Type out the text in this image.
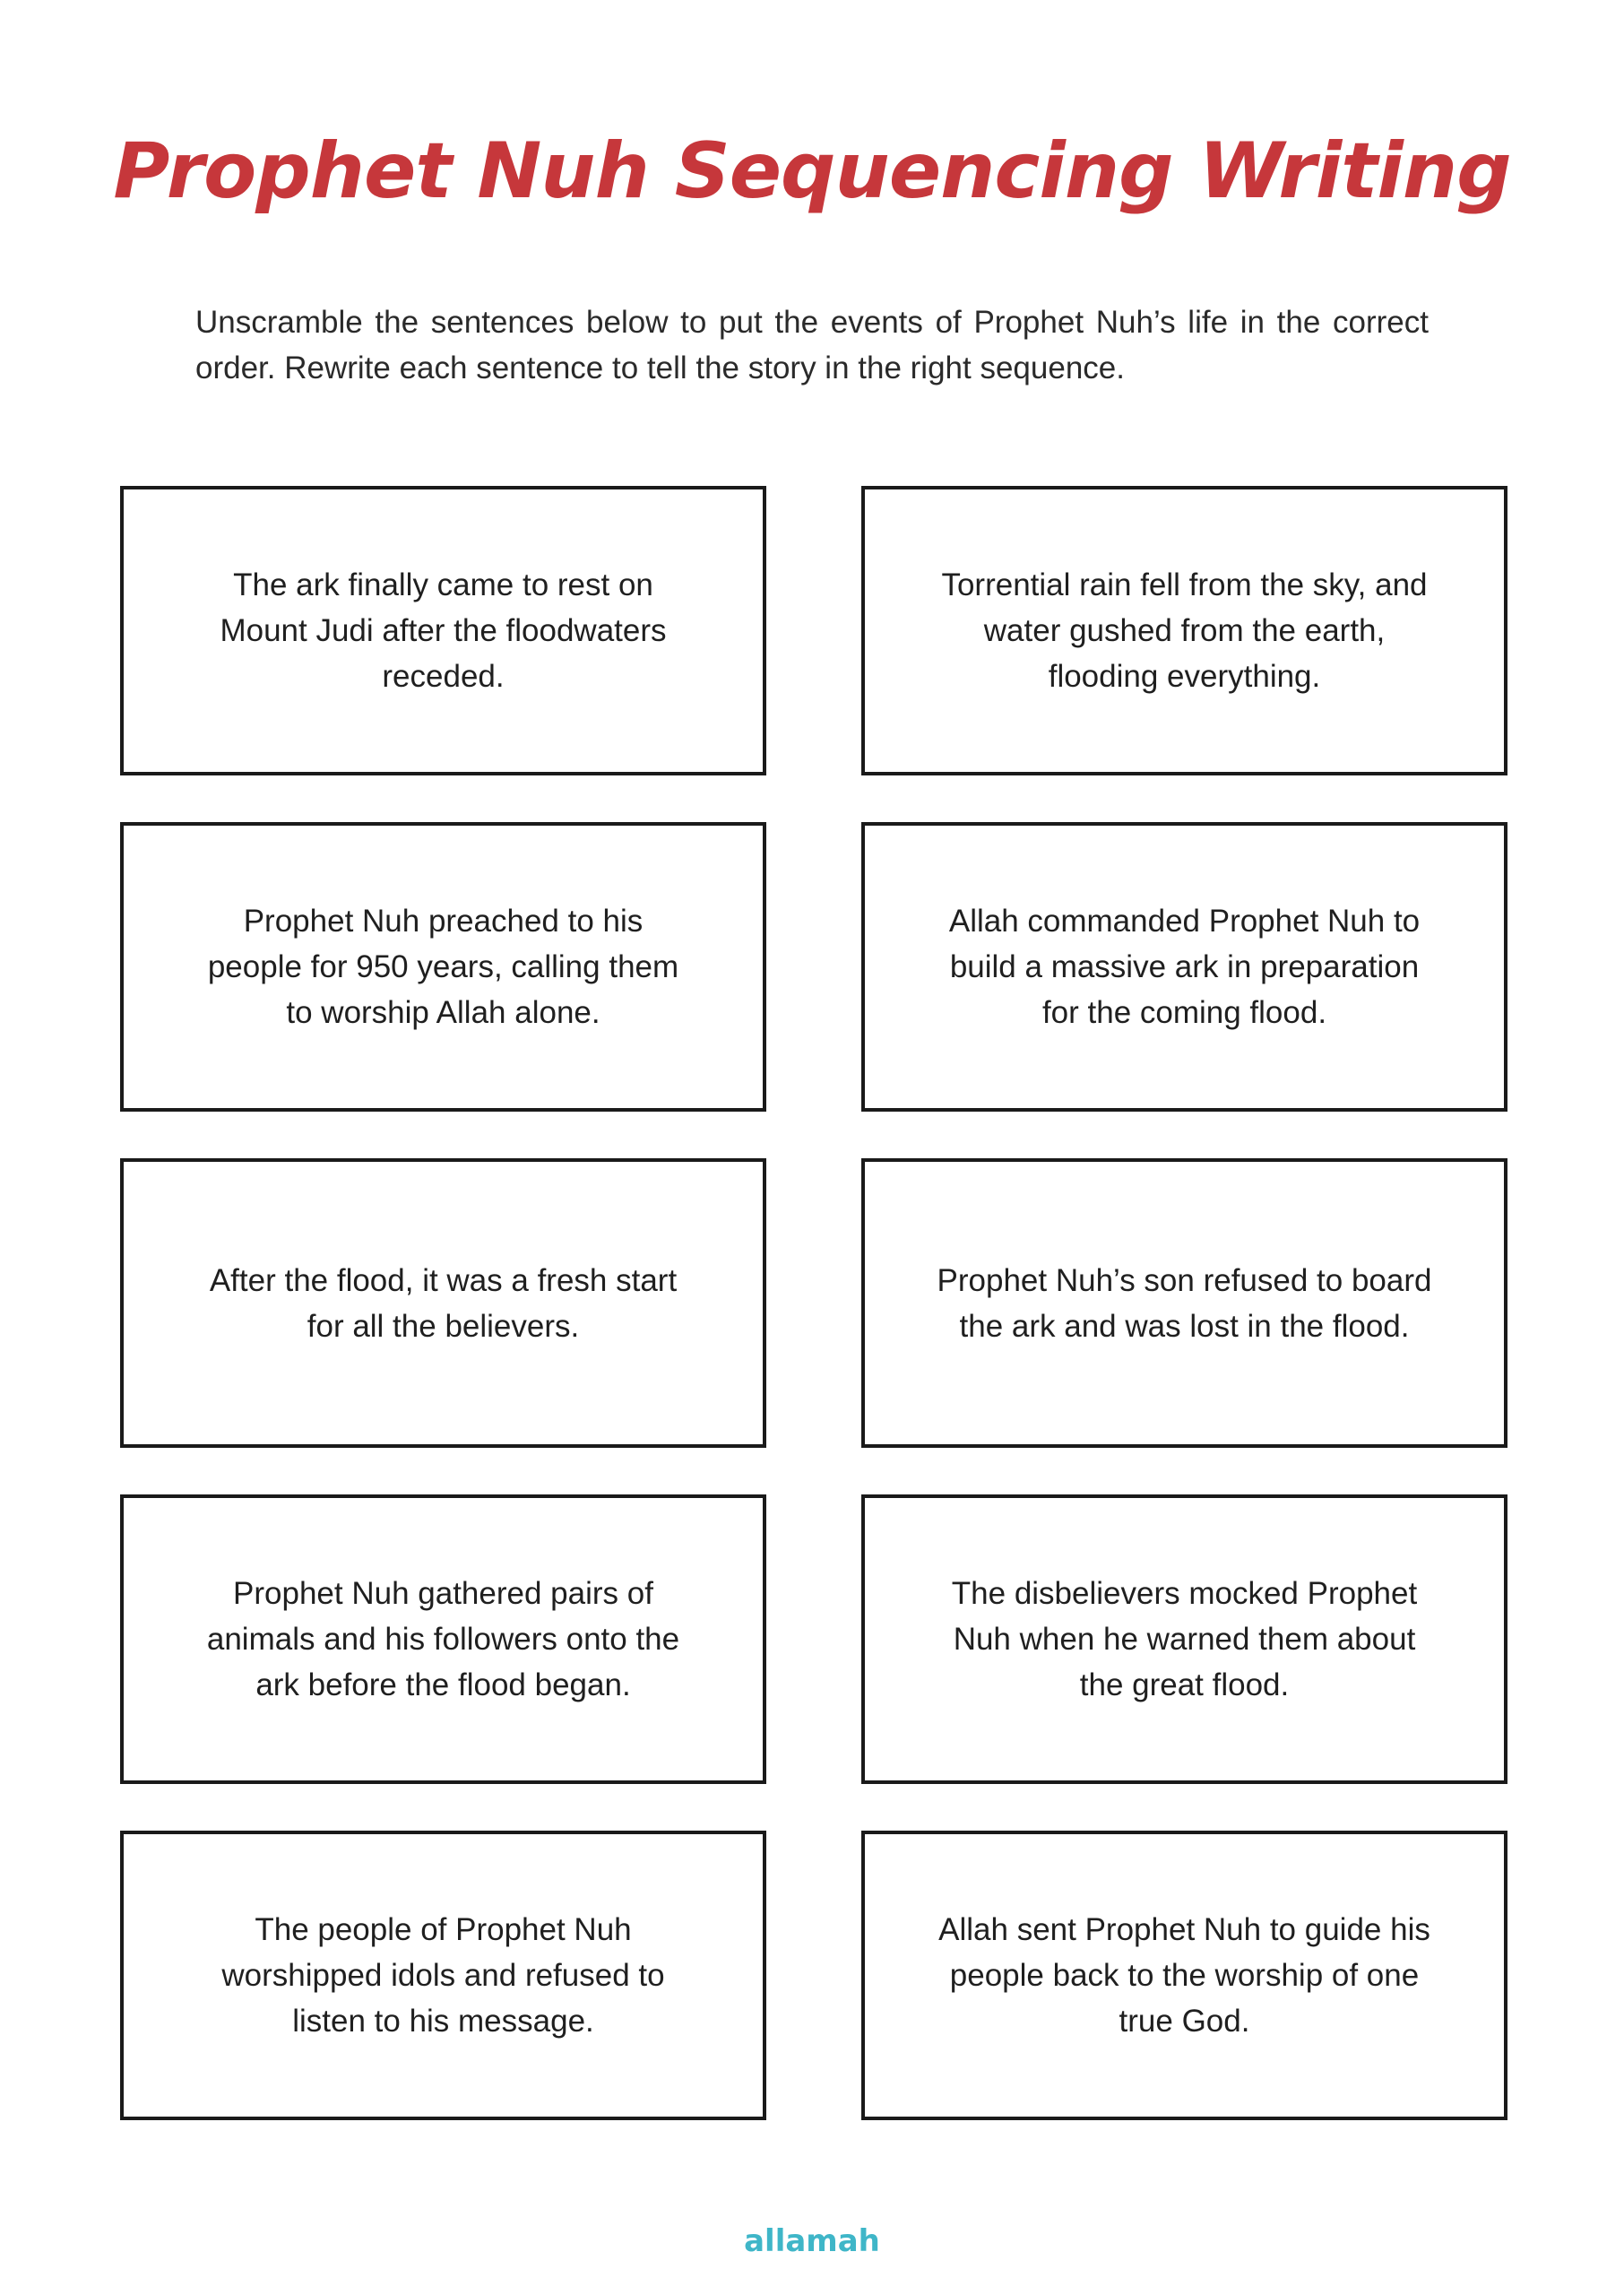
Prophet Nuh Sequencing Writing
Unscramble the sentences below to put the events of Prophet Nuh’s life in the correct order. Rewrite each sentence to tell the story in the right sequence.
The ark finally came to rest on Mount Judi after the floodwaters receded.
Torrential rain fell from the sky, and water gushed from the earth, flooding everything.
Prophet Nuh preached to his people for 950 years, calling them to worship Allah alone.
Allah commanded Prophet Nuh to build a massive ark in preparation for the coming flood.
After the flood, it was a fresh start for all the believers.
Prophet Nuh’s son refused to board the ark and was lost in the flood.
Prophet Nuh gathered pairs of animals and his followers onto the ark before the flood began.
The disbelievers mocked Prophet Nuh when he warned them about the great flood.
The people of Prophet Nuh worshipped idols and refused to listen to his message.
Allah sent Prophet Nuh to guide his people back to the worship of one true God.
allamah
